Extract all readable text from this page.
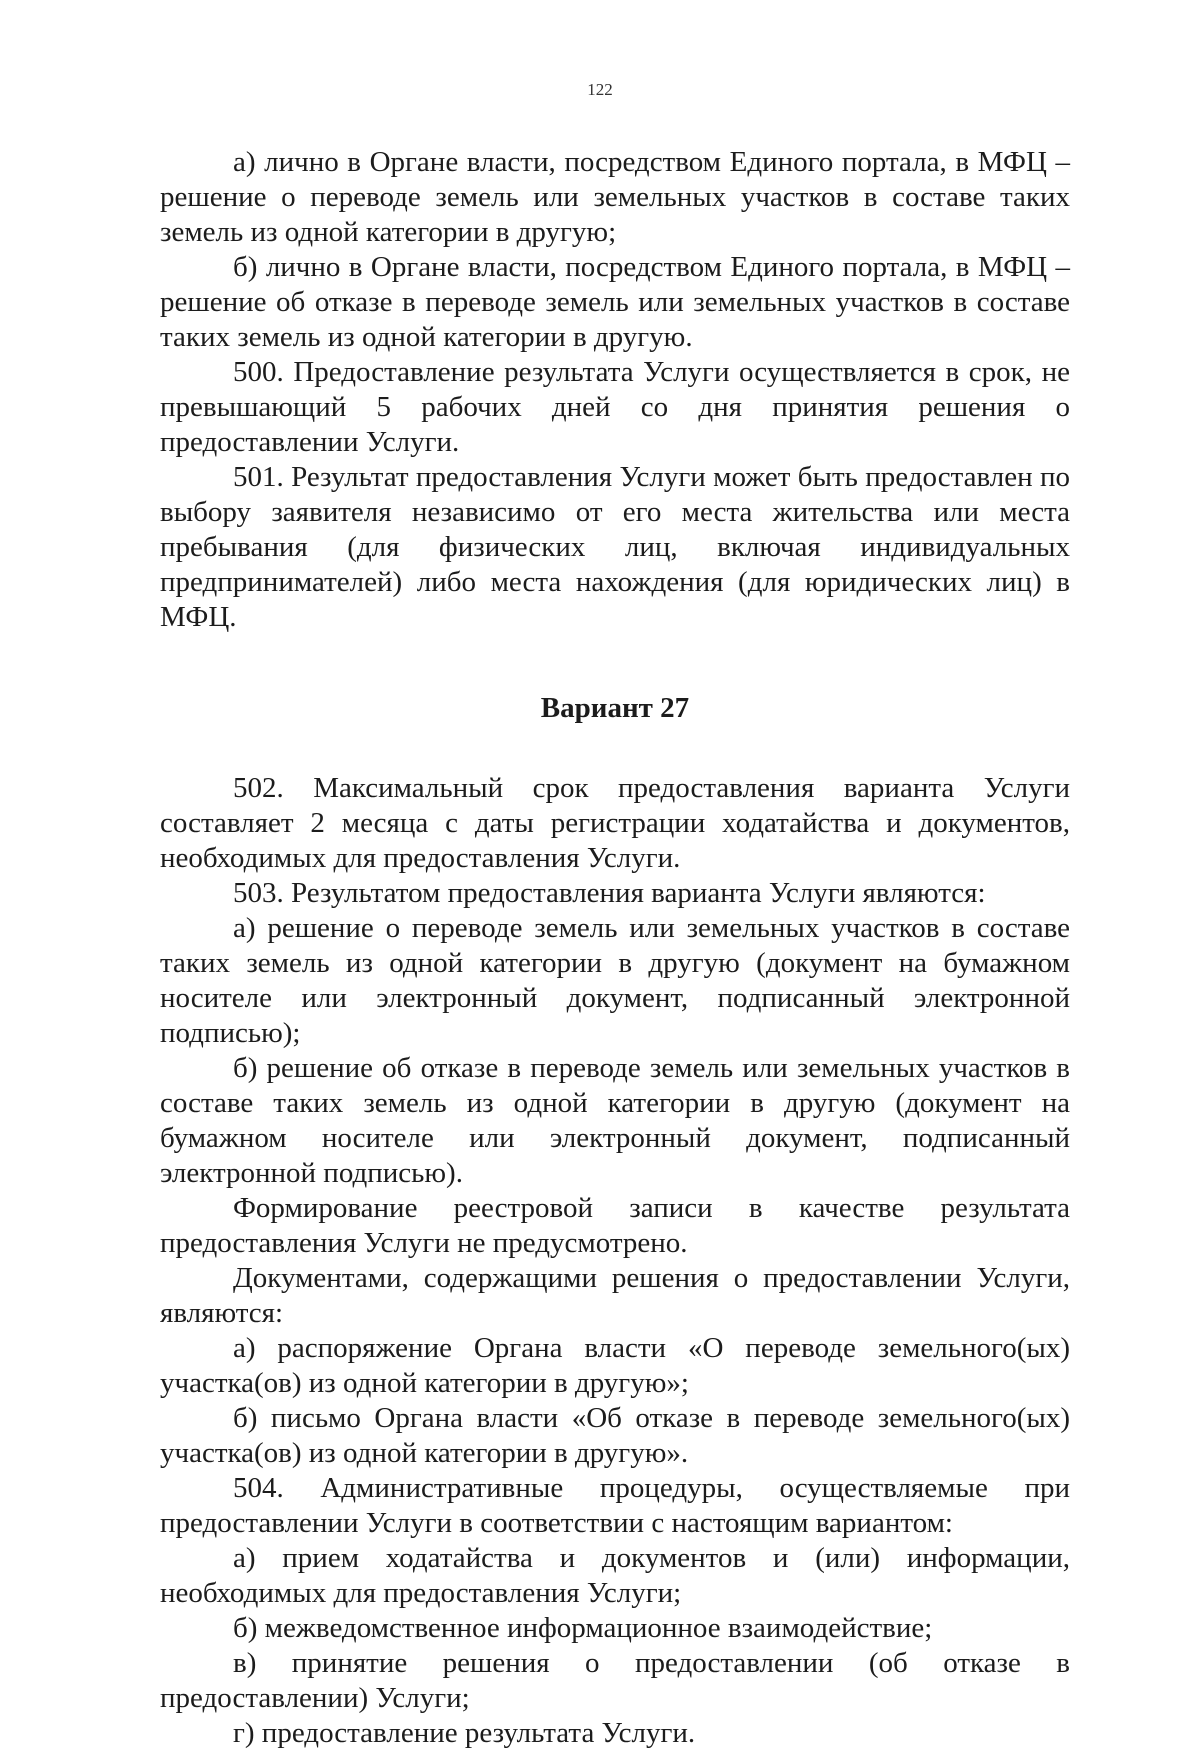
122

а) лично в Органе власти, посредством Единого портала, в МФЦ – решение о переводе земель или земельных участков в составе таких земель из одной категории в другую;

б) лично в Органе власти, посредством Единого портала, в МФЦ – решение об отказе в переводе земель или земельных участков в составе таких земель из одной категории в другую.

500. Предоставление результата Услуги осуществляется в срок, не превышающий 5 рабочих дней со дня принятия решения о предоставлении Услуги.

501. Результат предоставления Услуги может быть предоставлен по выбору заявителя независимо от его места жительства или места пребывания (для физических лиц, включая индивидуальных предпринимателей) либо места нахождения (для юридических лиц) в МФЦ.

Вариант 27

502. Максимальный срок предоставления варианта Услуги составляет 2 месяца с даты регистрации ходатайства и документов, необходимых для предоставления Услуги.

503. Результатом предоставления варианта Услуги являются:

а) решение о переводе земель или земельных участков в составе таких земель из одной категории в другую (документ на бумажном носителе или электронный документ, подписанный электронной подписью);

б) решение об отказе в переводе земель или земельных участков в составе таких земель из одной категории в другую (документ на бумажном носителе или электронный документ, подписанный электронной подписью).

Формирование реестровой записи в качестве результата предоставления Услуги не предусмотрено.

Документами, содержащими решения о предоставлении Услуги, являются:

а) распоряжение Органа власти «О переводе земельного(ых) участка(ов) из одной категории в другую»;

б) письмо Органа власти «Об отказе в переводе земельного(ых) участка(ов) из одной категории в другую».

504. Административные процедуры, осуществляемые при предоставлении Услуги в соответствии с настоящим вариантом:

а) прием ходатайства и документов и (или) информации, необходимых для предоставления Услуги;

б) межведомственное информационное взаимодействие;

в) принятие решения о предоставлении (об отказе в предоставлении) Услуги;

г) предоставление результата Услуги.
